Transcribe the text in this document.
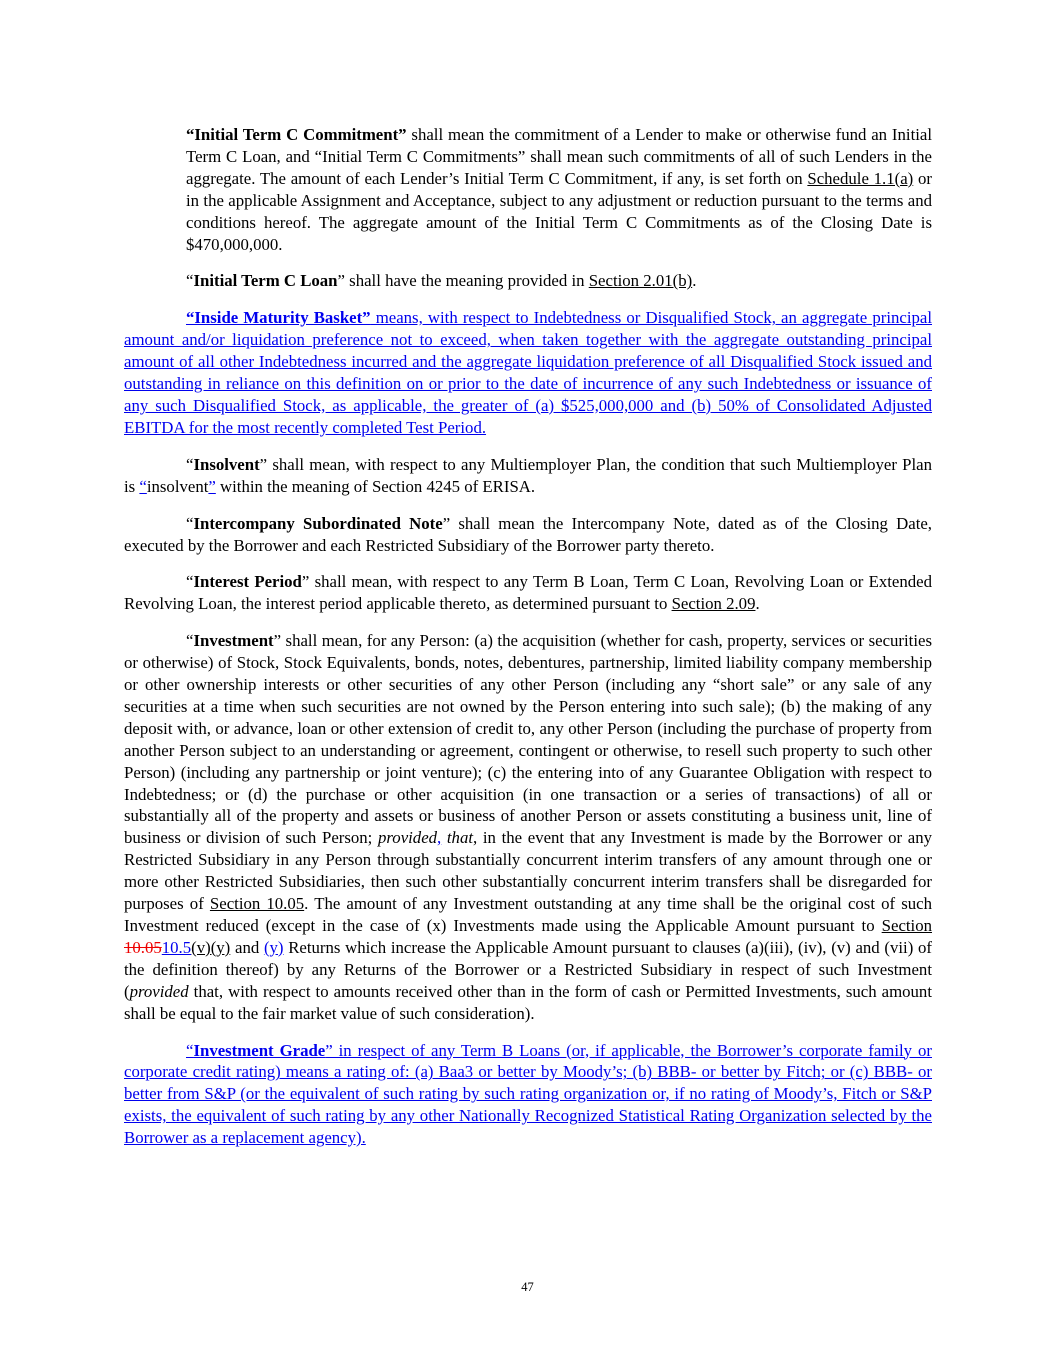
“Initial Term C Commitment” shall mean the commitment of a Lender to make or otherwise fund an Initial Term C Loan, and “Initial Term C Commitments” shall mean such commitments of all of such Lenders in the aggregate. The amount of each Lender’s Initial Term C Commitment, if any, is set forth on Schedule 1.1(a) or in the applicable Assignment and Acceptance, subject to any adjustment or reduction pursuant to the terms and conditions hereof. The aggregate amount of the Initial Term C Commitments as of the Closing Date is $470,000,000.

“Initial Term C Loan” shall have the meaning provided in Section 2.01(b).

“Inside Maturity Basket” means, with respect to Indebtedness or Disqualified Stock, an aggregate principal amount and/or liquidation preference not to exceed, when taken together with the aggregate outstanding principal amount of all other Indebtedness incurred and the aggregate liquidation preference of all Disqualified Stock issued and outstanding in reliance on this definition on or prior to the date of incurrence of any such Indebtedness or issuance of any such Disqualified Stock, as applicable, the greater of (a) $525,000,000 and (b) 50% of Consolidated Adjusted EBITDA for the most recently completed Test Period.

“Insolvent” shall mean, with respect to any Multiemployer Plan, the condition that such Multiemployer Plan is “insolvent” within the meaning of Section 4245 of ERISA.

“Intercompany Subordinated Note” shall mean the Intercompany Note, dated as of the Closing Date, executed by the Borrower and each Restricted Subsidiary of the Borrower party thereto.

“Interest Period” shall mean, with respect to any Term B Loan, Term C Loan, Revolving Loan or Extended Revolving Loan, the interest period applicable thereto, as determined pursuant to Section 2.09.

“Investment” shall mean, for any Person: (a) the acquisition (whether for cash, property, services or securities or otherwise) of Stock, Stock Equivalents, bonds, notes, debentures, partnership, limited liability company membership or other ownership interests or other securities of any other Person (including any “short sale” or any sale of any securities at a time when such securities are not owned by the Person entering into such sale); (b) the making of any deposit with, or advance, loan or other extension of credit to, any other Person (including the purchase of property from another Person subject to an understanding or agreement, contingent or otherwise, to resell such property to such other Person) (including any partnership or joint venture); (c) the entering into of any Guarantee Obligation with respect to Indebtedness; or (d) the purchase or other acquisition (in one transaction or a series of transactions) of all or substantially all of the property and assets or business of another Person or assets constituting a business unit, line of business or division of such Person; provided, that, in the event that any Investment is made by the Borrower or any Restricted Subsidiary in any Person through substantially concurrent interim transfers of any amount through one or more other Restricted Subsidiaries, then such other substantially concurrent interim transfers shall be disregarded for purposes of Section 10.05. The amount of any Investment outstanding at any time shall be the original cost of such Investment reduced (except in the case of (x) Investments made using the Applicable Amount pursuant to Section 10.0510.5(v)(y) and (y) Returns which increase the Applicable Amount pursuant to clauses (a)(iii), (iv), (v) and (vii) of the definition thereof) by any Returns of the Borrower or a Restricted Subsidiary in respect of such Investment (provided that, with respect to amounts received other than in the form of cash or Permitted Investments, such amount shall be equal to the fair market value of such consideration).

“Investment Grade” in respect of any Term B Loans (or, if applicable, the Borrower’s corporate family or corporate credit rating) means a rating of: (a) Baa3 or better by Moody’s; (b) BBB- or better by Fitch; or (c) BBB- or better from S&P (or the equivalent of such rating by such rating organization or, if no rating of Moody’s, Fitch or S&P exists, the equivalent of such rating by any other Nationally Recognized Statistical Rating Organization selected by the Borrower as a replacement agency).

47
